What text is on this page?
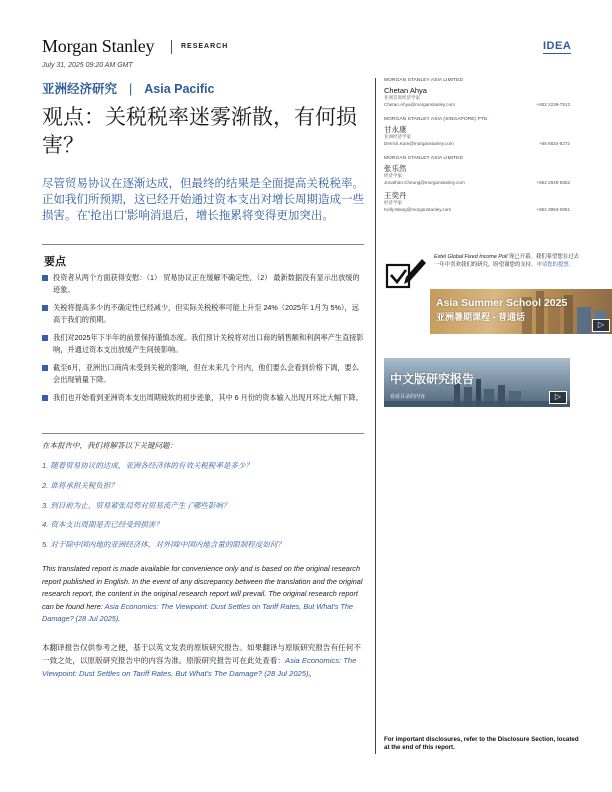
Morgan Stanley	RESEARCH	IDEA
July 31, 2025 09:20 AM GMT
亚洲经济研究 | Asia Pacific
观点：关税税率迷雾渐散，有何损害？

尽管贸易协议在逐渐达成，但最终的结果是全面提高关税税率。正如我们所预期，这已经开始通过资本支出对增长周期造成一些损害。在'抢出口'影响消退后，增长拖累将变得更加突出。

要点
投资者从两个方面获得安慰：（1） 贸易协议正在缓解不确定性，（2） 最新数据没有显示出放缓的迹象。
关税将提高多少的不确定性已经减少，但实际关税税率可能上升至 24%（2025年 1月为 5%），远高于我们的预期。
我们对2025年下半年的前景保持谨慎态度。我们预计关税将对出口商的销售额和利润率产生直接影响，并通过资本支出放缓产生间接影响。
截至6月，亚洲出口商尚未受到关税的影响，但在未来几个月内，他们要么会看到价格下调，要么会出现销量下降。
我们也开始看到亚洲资本支出周期疲软的初步迹象，其中 6 月份的资本输入出现月环比大幅下降。
在本报告中，我们将解答以下关键问题：
1. 随着贸易协议的达成，亚洲各经济体的有效关税税率是多少？
2. 谁将承担关税负担？
3. 到目前为止，贸易紧张局势对贸易流产生了哪些影响？
4. 资本支出周期是否已经受到损害？
5. 对于除中国内地的亚洲经济体，对外国/中国内地含量的限制程度如何？

This translated report is made available for convenience only and is based on the original research report published in English. In the event of any discrepancy between the translation and the original research report, the content in the original research report will prevail. The original research report can be found here: Asia Economics: The Viewpoint: Dust Settles on Tariff Rates, But What's The Damage? (28 Jul 2025).

本翻译报告仅供参考之便，基于以英文发表的原版研究报告。如果翻译与原版研究报告有任何不一致之处，以原版研究报告中的内容为准。原版研究报告可在此处查看：Asia Economics: The Viewpoint: Dust Settles on Tariff Rates, But What's The Damage? (28 Jul 2025)。

MORGAN STANLEY ASIA LIMITED
Chetan Ahya
亚洲首席经济学家
Chetan.Ahya@morganstanley.com	+852 2239-7812
MORGAN STANLEY ASIA (SINGAPORE) PTE.
甘永康
亚洲经济学家
Derrick.Kam@morganstanley.com	+65 6834-8272
MORGAN STANLEY ASIA LIMITED
张乐然
经济学家
Jonathan.Cheung@morganstanley.com	+852 2848-5552
王奕丹
经济学家
Kelly.Wang@morganstanley.com	+852 3963-0891

Extel Global Fixed Income Poll 现已开幕。我们希望您在过去一年中喜欢我们的研究，盼望谢您的支持。申请您的提票。

Asia Summer School 2025
亚洲暑期课程 - 普通话
▷
中文版研究报告
看看目录的内容	▷
For important disclosures, refer to the Disclosure Section, located at the end of this report.
